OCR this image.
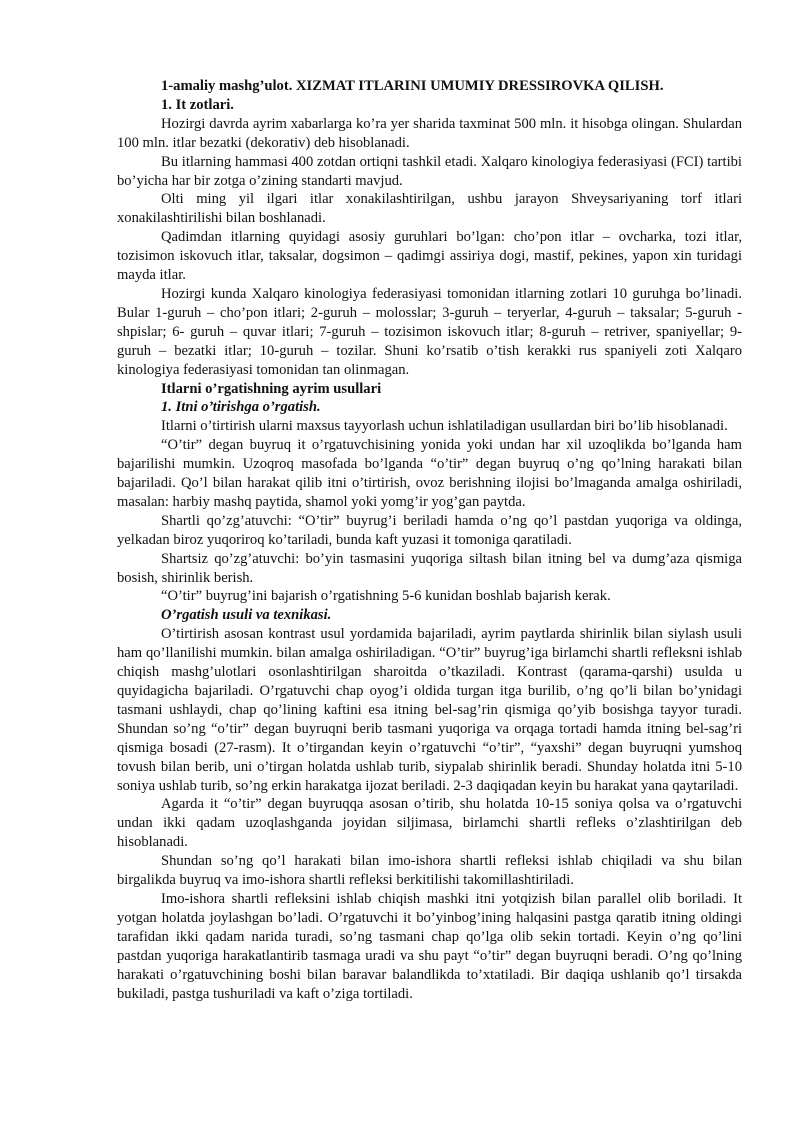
1-amaliy mashg’ulot. XIZMAT ITLARINI UMUMIY DRESSIROVKA QILISH.
1. It zotlari.

Hozirgi davrda ayrim xabarlarga ko’ra yer sharida taxminat 500 mln. it hisobga olingan. Shulardan 100 mln. itlar bezatki (dekorativ) deb hisoblanadi.

Bu itlarning hammasi 400 zotdan ortiqni tashkil etadi. Xalqaro kinologiya federasiyasi (FCI) tartibi bo’yicha har bir zotga o’zining standarti mavjud.

Olti ming yil ilgari itlar xonakilashtirilgan, ushbu jarayon Shveysariyaning torf itlari xonakilashtirilishi bilan boshlanadi.

Qadimdan itlarning quyidagi asosiy guruhlari bo’lgan: cho’pon itlar – ovcharka, tozi itlar, tozisimon iskovuch itlar, taksalar, dogsimon – qadimgi assiriya dogi, mastif, pekines, yapon xin turidagi mayda itlar.

Hozirgi kunda Xalqaro kinologiya federasiyasi tomonidan itlarning zotlari 10 guruhga bo’linadi. Bular 1-guruh – cho’pon itlari; 2-guruh – molosslar; 3-guruh – teryerlar, 4-guruh – taksalar; 5-guruh - shpislar; 6- guruh – quvar itlari; 7-guruh – tozisimon iskovuch itlar; 8-guruh – retriver, spaniyellar; 9-guruh – bezatki itlar; 10-guruh – tozilar. Shuni ko’rsatib o’tish kerakki rus spaniyeli zoti Xalqaro kinologiya federasiyasi tomonidan tan olinmagan.

Itlarni o’rgatishning ayrim usullari
1. Itni o’tirishga o’rgatish.

Itlarni o’tirtirish ularni maxsus tayyorlash uchun ishlatiladigan usullardan biri bo’lib hisoblanadi.

“O’tir” degan buyruq it o’rgatuvchisining yonida yoki undan har xil uzoqlikda bo’lganda ham bajarilishi mumkin. Uzoqroq masofada bo’lganda “o’tir” degan buyruq o’ng qo’lning harakati bilan bajariladi. Qo’l bilan harakat qilib itni o’tirtirish, ovoz berishning ilojisi bo’lmaganda amalga oshiriladi, masalan: harbiy mashq paytida, shamol yoki yomg’ir yog’gan paytda.

Shartli qo’zg’atuvchi: “O’tir” buyrug’i beriladi hamda o’ng qo’l pastdan yuqoriga va oldinga, yelkadan biroz yuqoriroq ko’tariladi, bunda kaft yuzasi it tomoniga qaratiladi.

Shartsiz qo’zg’atuvchi: bo’yin tasmasini yuqoriga siltash bilan itning bel va dumg’aza qismiga bosish, shirinlik berish.

“O’tir” buyrug’ini bajarish o’rgatishning 5-6 kunidan boshlab bajarish kerak.

O’rgatish usuli va texnikasi.

O’tirtirish asosan kontrast usul yordamida bajariladi, ayrim paytlarda shirinlik bilan siylash usuli ham qo’llanilishi mumkin. bilan amalga oshiriladigan. “O’tir” buyrug’iga birlamchi shartli refleksni ishlab chiqish mashg’ulotlari osonlashtirilgan sharoitda o’tkaziladi. Kontrast (qarama-qarshi) usulda u quyidagicha bajariladi. O’rgatuvchi chap oyog’i oldida turgan itga burilib, o’ng qo’li bilan bo’ynidagi tasmani ushlaydi, chap qo’lining kaftini esa itning bel-sag’rin qismiga qo’yib bosishga tayyor turadi. Shundan so’ng “o’tir” degan buyruqni berib tasmani yuqoriga va orqaga tortadi hamda itning bel-sag’ri qismiga bosadi (27-rasm). It o’tirgandan keyin o’rgatuvchi “o’tir”, “yaxshi” degan buyruqni yumshoq tovush bilan berib, uni o’tirgan holatda ushlab turib, siypalab shirinlik beradi. Shunday holatda itni 5-10 soniya ushlab turib, so’ng erkin harakatga ijozat beriladi. 2-3 daqiqadan keyin bu harakat yana qaytariladi.

Agarda it “o’tir” degan buyruqqa asosan o’tirib, shu holatda 10-15 soniya qolsa va o’rgatuvchi undan ikki qadam uzoqlashganda joyidan siljimasa, birlamchi shartli refleks o’zlashtirilgan deb hisoblanadi.

Shundan so’ng qo’l harakati bilan imo-ishora shartli refleksi ishlab chiqiladi va shu bilan birgalikda buyruq va imo-ishora shartli refleksi berkitilishi takomillashtiriladi.

Imo-ishora shartli refleksini ishlab chiqish mashki itni yotqizish bilan parallel olib boriladi. It yotgan holatda joylashgan bo’ladi. O’rgatuvchi it bo’yinbog’ining halqasini pastga qaratib itning oldingi tarafidan ikki qadam narida turadi, so’ng tasmani chap qo’lga olib sekin tortadi. Keyin o’ng qo’lini pastdan yuqoriga harakatlantirib tasmaga uradi va shu payt “o’tir” degan buyruqni beradi. O’ng qo’lning harakati o’rgatuvchining boshi bilan baravar balandlikda to’xtatiladi. Bir daqiqa ushlanib qo’l tirsakda bukiladi, pastga tushuriladi va kaft o’ziga tortiladi.
